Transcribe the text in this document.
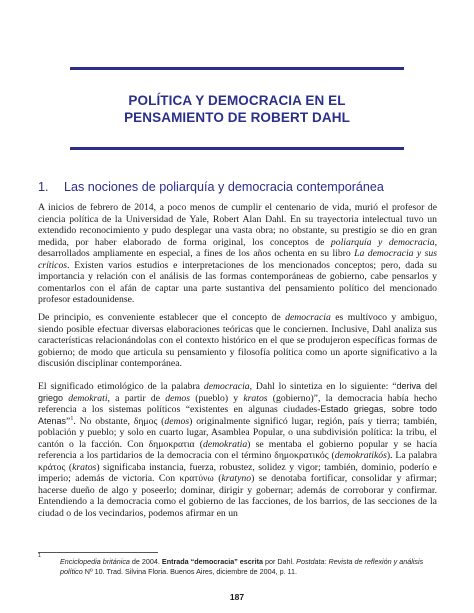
POLÍTICA Y DEMOCRACIA EN EL
PENSAMIENTO DE ROBERT DAHL
1. Las nociones de poliarquía y democracia contemporánea

A inicios de febrero de 2014, a poco menos de cumplir el centenario de vida, murió el profesor de ciencia política de la Universidad de Yale, Robert Alan Dahl. En su trayectoria intelectual tuvo un extendido reconocimiento y pudo desplegar una vasta obra; no obstante, su prestigio se dio en gran medida, por haber elaborado de forma original, los conceptos de poliarquía y democracia, desarrollados ampliamente en especial, a fines de los años ochenta en su libro La democracia y sus críticos. Existen varios estudios e interpretaciones de los mencionados conceptos; pero, dada su importancia y relación con el análisis de las formas contemporáneas de gobierno, cabe pensarlos y comentarlos con el afán de captar una parte sustantiva del pensamiento político del mencionado profesor estadounidense.

De principio, es conveniente establecer que el concepto de democracia es multívoco y ambiguo, siendo posible efectuar diversas elaboraciones teóricas que le conciernen. Inclusive, Dahl analiza sus características relacionándolas con el contexto histórico en el que se produjeron específicas formas de gobierno; de modo que articula su pensamiento y filosofía política como un aporte significativo a la discusión disciplinar contemporánea.

El significado etimológico de la palabra democracia, Dahl lo sintetiza en lo siguiente: “deriva del griego demokrati, a partir de demos (pueblo) y kratos (gobierno)”, la democracia había hecho referencia a los sistemas políticos “existentes en algunas ciudades-Estado griegas, sobre todo Atenas”$^1$. No obstante, δημος (demos) originalmente significó lugar, región, país y tierra; también, población y pueblo; y solo en cuarto lugar, Asamblea Popular, o una subdivisión política: la tribu, el cantón o la facción. Con δημοκρατια (demokratia) se mentaba el gobierno popular y se hacía referencia a los partidarios de la democracia con el término δημοκρατικός (demokratikós). La palabra κράτος (kratos) significaba instancia, fuerza, robustez, solidez y vigor; también, dominio, poderío e imperio; además de victoria. Con κρατύνω (kratyno) se denotaba fortificar, consolidar y afirmar; hacerse dueño de algo y poseerlo; dominar, dirigir y gobernar; además de corroborar y confirmar. Entendiendo a la democracia como el gobierno de las facciones, de los barrios, de las secciones de la ciudad o de los vecindarios, podemos afirmar en un

1
Enciclopedia británica de 2004. Entrada “democracia” escrita por Dahl. Postdata: Revista de reflexión y análisis político Nº 10. Trad. Silvina Floria. Buenos Aires, diciembre de 2004, p. 11.
187
